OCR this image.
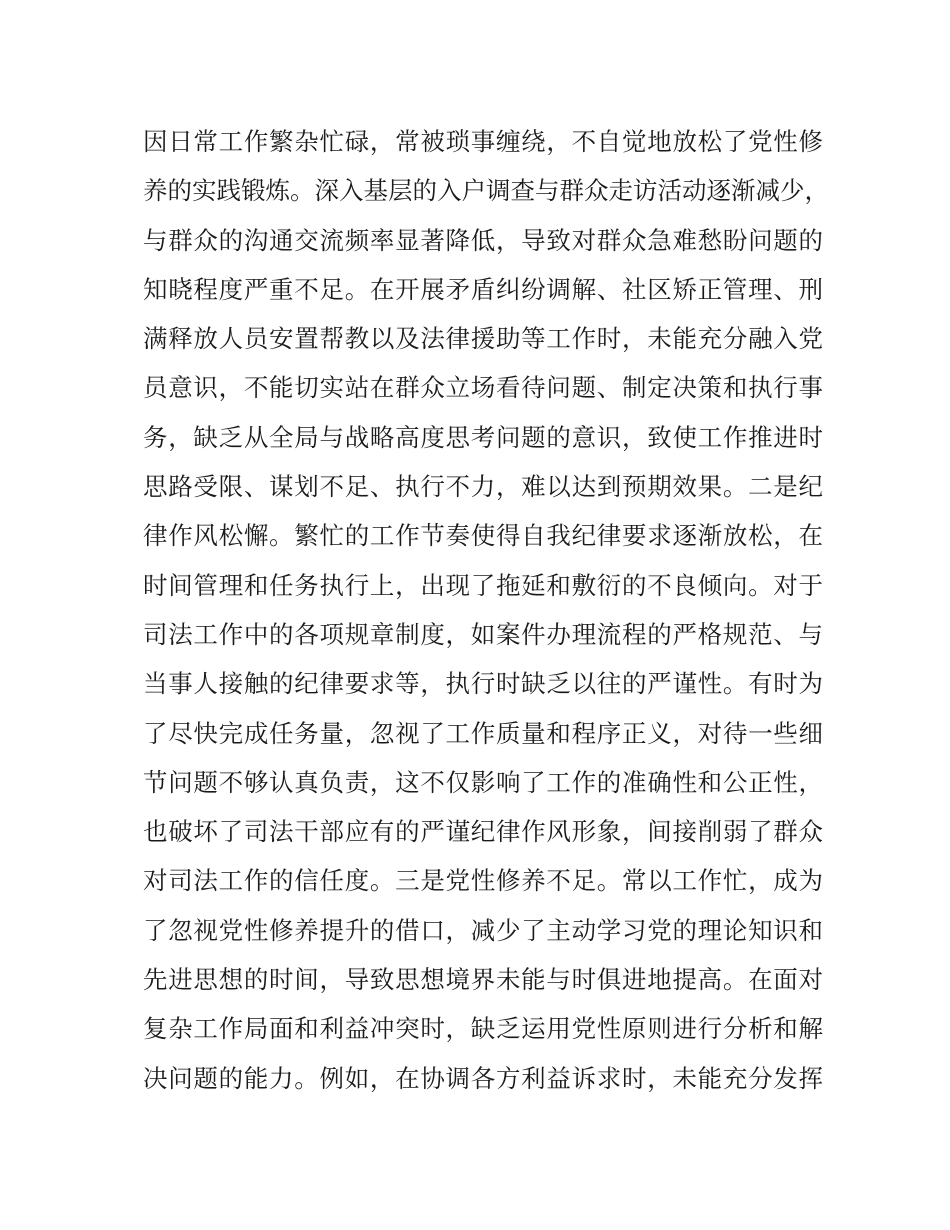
因日常工作繁杂忙碌，常被琐事缠绕，不自觉地放松了党性修
养的实践锻炼。深入基层的入户调查与群众走访活动逐渐减少，
与群众的沟通交流频率显著降低，导致对群众急难愁盼问题的
知晓程度严重不足。在开展矛盾纠纷调解、社区矫正管理、刑
满释放人员安置帮教以及法律援助等工作时，未能充分融入党
员意识，不能切实站在群众立场看待问题、制定决策和执行事
务，缺乏从全局与战略高度思考问题的意识，致使工作推进时
思路受限、谋划不足、执行不力，难以达到预期效果。二是纪
律作风松懈。繁忙的工作节奏使得自我纪律要求逐渐放松，在
时间管理和任务执行上，出现了拖延和敷衍的不良倾向。对于
司法工作中的各项规章制度，如案件办理流程的严格规范、与
当事人接触的纪律要求等，执行时缺乏以往的严谨性。有时为
了尽快完成任务量，忽视了工作质量和程序正义，对待一些细
节问题不够认真负责，这不仅影响了工作的准确性和公正性，
也破坏了司法干部应有的严谨纪律作风形象，间接削弱了群众
对司法工作的信任度。三是党性修养不足。常以工作忙，成为
了忽视党性修养提升的借口，减少了主动学习党的理论知识和
先进思想的时间，导致思想境界未能与时俱进地提高。在面对
复杂工作局面和利益冲突时，缺乏运用党性原则进行分析和解
决问题的能力。例如，在协调各方利益诉求时，未能充分发挥
